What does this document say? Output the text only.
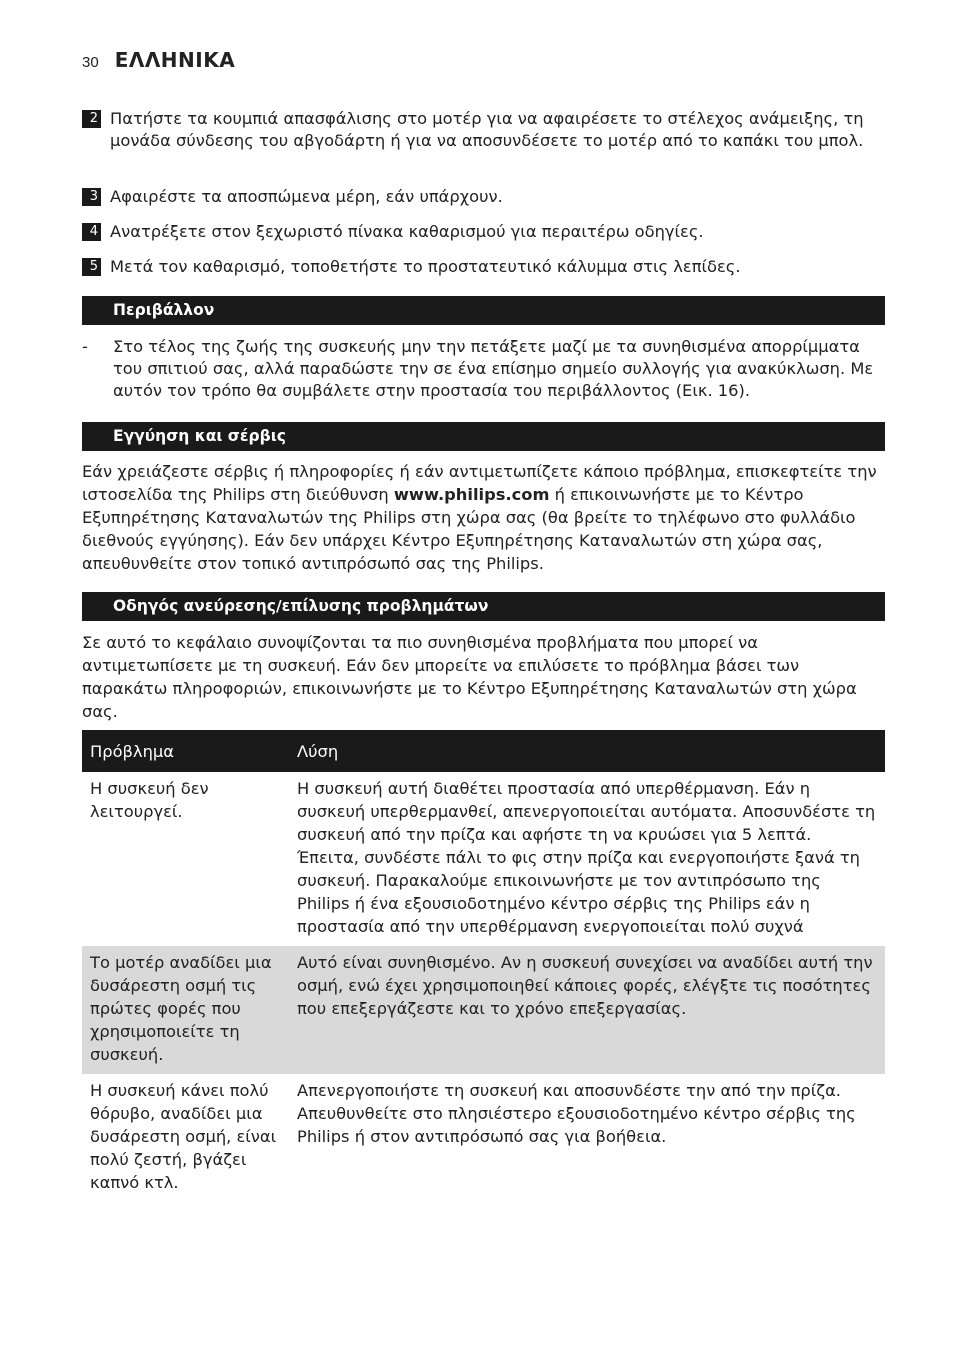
30 ΕΛΛΗΝΙΚΑ
2 Πατήστε τα κουμπιά απασφάλισης στο μοτέρ για να αφαιρέσετε το στέλεχος ανάμειξης, τη μονάδα σύνδεσης του αβγοδάρτη ή για να αποσυνδέσετε το μοτέρ από το καπάκι του μπολ.
3 Αφαιρέστε τα αποσπώμενα μέρη, εάν υπάρχουν.
4 Ανατρέξετε στον ξεχωριστό πίνακα καθαρισμού για περαιτέρω οδηγίες.
5 Μετά τον καθαρισμό, τοποθετήστε το προστατευτικό κάλυμμα στις λεπίδες.
Περιβάλλον
-	Στο τέλος της ζωής της συσκευής μην την πετάξετε μαζί με τα συνηθισμένα απορρίμματα του σπιτιού σας, αλλά παραδώστε την σε ένα επίσημο σημείο συλλογής για ανακύκλωση. Με αυτόν τον τρόπο θα συμβάλετε στην προστασία του περιβάλλοντος (Εικ. 16).
Εγγύηση και σέρβις

Εάν χρειάζεστε σέρβις ή πληροφορίες ή εάν αντιμετωπίζετε κάποιο πρόβλημα, επισκεφτείτε την ιστοσελίδα της Philips στη διεύθυνση www.philips.com ή επικοινωνήστε με το Κέντρο Εξυπηρέτησης Καταναλωτών της Philips στη χώρα σας (θα βρείτε το τηλέφωνο στο φυλλάδιο διεθνούς εγγύησης). Εάν δεν υπάρχει Κέντρο Εξυπηρέτησης Καταναλωτών στη χώρα σας, απευθυνθείτε στον τοπικό αντιπρόσωπό σας της Philips.

Οδηγός ανεύρεσης/επίλυσης προβλημάτων

Σε αυτό το κεφάλαιο συνοψίζονται τα πιο συνηθισμένα προβλήματα που μπορεί να αντιμετωπίσετε με τη συσκευή. Εάν δεν μπορείτε να επιλύσετε το πρόβλημα βάσει των παρακάτω πληροφοριών, επικοινωνήστε με το Κέντρο Εξυπηρέτησης Καταναλωτών στη χώρα σας.

Πρόβλημα	Λύση
Η συσκευή δεν λειτουργεί.	Η συσκευή αυτή διαθέτει προστασία από υπερθέρμανση. Εάν η συσκευή υπερθερμανθεί, απενεργοποιείται αυτόματα. Αποσυνδέστε τη συσκευή από την πρίζα και αφήστε τη να κρυώσει για 5 λεπτά. Έπειτα, συνδέστε πάλι το φις στην πρίζα και ενεργοποιήστε ξανά τη συσκευή. Παρακαλούμε επικοινωνήστε με τον αντιπρόσωπο της Philips ή ένα εξουσιοδοτημένο κέντρο σέρβις της Philips εάν η προστασία από την υπερθέρμανση ενεργοποιείται πολύ συχνά
Το μοτέρ αναδίδει μια δυσάρεστη οσμή τις πρώτες φορές που χρησιμοποιείτε τη συσκευή.	Αυτό είναι συνηθισμένο. Αν η συσκευή συνεχίσει να αναδίδει αυτή την οσμή, ενώ έχει χρησιμοποιηθεί κάποιες φορές, ελέγξτε τις ποσότητες που επεξεργάζεστε και το χρόνο επεξεργασίας.
Η συσκευή κάνει πολύ θόρυβο, αναδίδει μια δυσάρεστη οσμή, είναι πολύ ζεστή, βγάζει καπνό κτλ.	Απενεργοποιήστε τη συσκευή και αποσυνδέστε την από την πρίζα. Απευθυνθείτε στο πλησιέστερο εξουσιοδοτημένο κέντρο σέρβις της Philips ή στον αντιπρόσωπό σας για βοήθεια.
